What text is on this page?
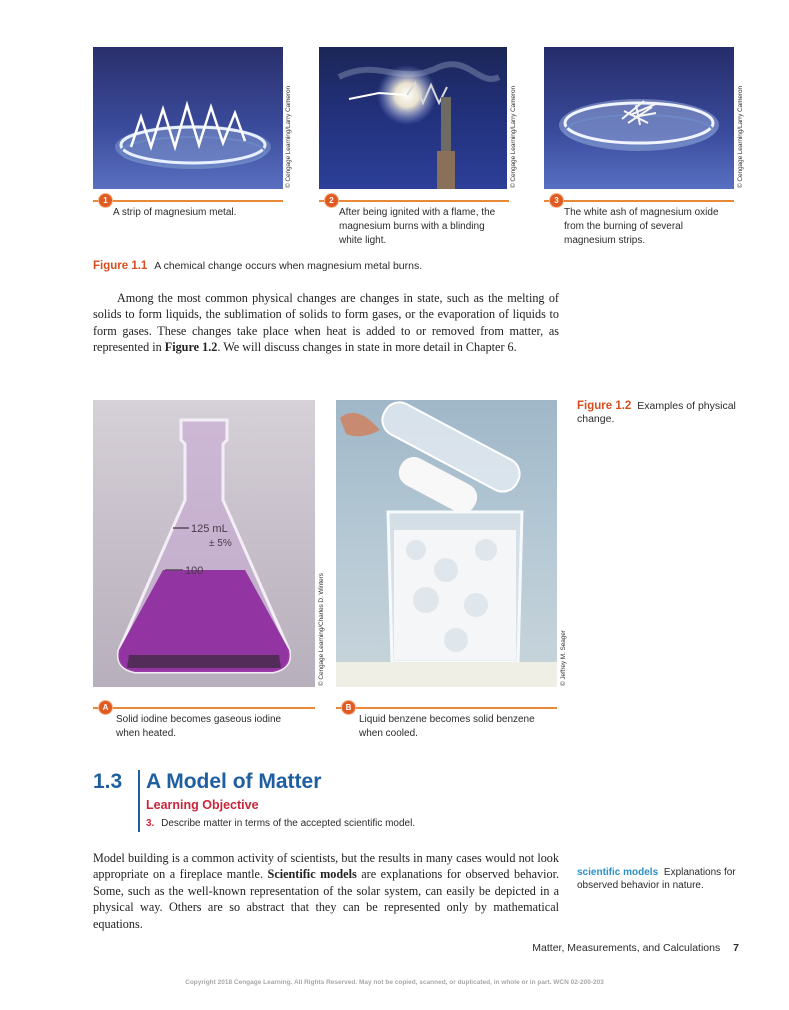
© Cengage Learning/Larry Cameron	© Cengage Learning/Larry Cameron	© Cengage Learning/Larry Cameron
1	2	3
A strip of magnesium metal.	After being ignited with a flame, the magnesium burns with a blinding white light.
The white ash of magnesium oxide from the burning of several magnesium strips.
Figure 1.1 A chemical change occurs when magnesium metal burns.
Among the most common physical changes are changes in state, such as the melting of solids to form liquids, the sublimation of solids to form gases, or the evaporation of liquids to form gases. These changes take place when heat is added to or removed from matter, as represented in Figure 1.2. We will discuss changes in state in more detail in Chapter 6.
125 mL
± 5%
100
© Cengage Learning/Charles D. Winters	© Jeffrey M. Seager
Figure 1.2 Examples of physical change.
A	B
Solid iodine becomes gaseous iodine when heated.
Liquid benzene becomes solid benzene when cooled.
1.3 A Model of Matter
Learning Objective
3. Describe matter in terms of the accepted scientific model.
Model building is a common activity of scientists, but the results in many cases would not look appropriate on a fireplace mantle. Scientific models are explanations for observed behavior. Some, such as the well-known representation of the solar system, can easily be depicted in a physical way. Others are so abstract that they can be represented only by mathematical equations.
scientific models Explanations for observed behavior in nature.
Matter, Measurements, and Calculations 7
Copyright 2018 Cengage Learning. All Rights Reserved. May not be copied, scanned, or duplicated, in whole or in part. WCN 02-200-203
